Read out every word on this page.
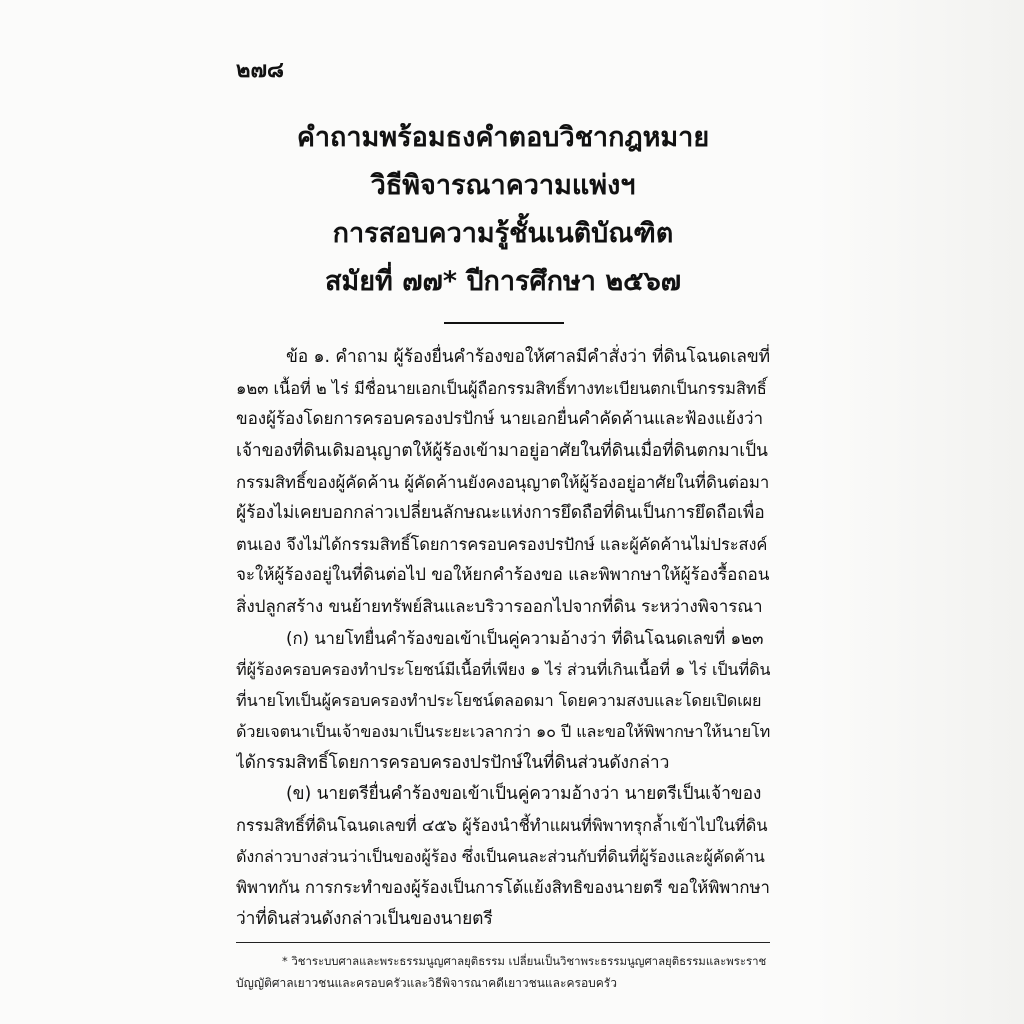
๒๗๘
คำถามพร้อมธงคำตอบวิชากฎหมาย
วิธีพิจารณาความแพ่งฯ
การสอบความรู้ชั้นเนติบัณฑิต
สมัยที่ ๗๗* ปีการศึกษา ๒๕๖๗

ข้อ ๑. คำถาม ผู้ร้องยื่นคำร้องขอให้ศาลมีคำสั่งว่า ที่ดินโฉนดเลขที่
๑๒๓ เนื้อที่ ๒ ไร่ มีชื่อนายเอกเป็นผู้ถือกรรมสิทธิ์ทางทะเบียนตกเป็นกรรมสิทธิ์
ของผู้ร้องโดยการครอบครองปรปักษ์ นายเอกยื่นคำคัดค้านและฟ้องแย้งว่า
เจ้าของที่ดินเดิมอนุญาตให้ผู้ร้องเข้ามาอยู่อาศัยในที่ดินเมื่อที่ดินตกมาเป็น
กรรมสิทธิ์ของผู้คัดค้าน ผู้คัดค้านยังคงอนุญาตให้ผู้ร้องอยู่อาศัยในที่ดินต่อมา
ผู้ร้องไม่เคยบอกกล่าวเปลี่ยนลักษณะแห่งการยึดถือที่ดินเป็นการยึดถือเพื่อ
ตนเอง จึงไม่ได้กรรมสิทธิ์โดยการครอบครองปรปักษ์ และผู้คัดค้านไม่ประสงค์
จะให้ผู้ร้องอยู่ในที่ดินต่อไป ขอให้ยกคำร้องขอ และพิพากษาให้ผู้ร้องรื้อถอน
สิ่งปลูกสร้าง ขนย้ายทรัพย์สินและบริวารออกไปจากที่ดิน ระหว่างพิจารณา

(ก) นายโทยื่นคำร้องขอเข้าเป็นคู่ความอ้างว่า ที่ดินโฉนดเลขที่ ๑๒๓
ที่ผู้ร้องครอบครองทำประโยชน์มีเนื้อที่เพียง ๑ ไร่ ส่วนที่เกินเนื้อที่ ๑ ไร่ เป็นที่ดิน
ที่นายโทเป็นผู้ครอบครองทำประโยชน์ตลอดมา โดยความสงบและโดยเปิดเผย
ด้วยเจตนาเป็นเจ้าของมาเป็นระยะเวลากว่า ๑๐ ปี และขอให้พิพากษาให้นายโท
ได้กรรมสิทธิ์โดยการครอบครองปรปักษ์ในที่ดินส่วนดังกล่าว

(ข) นายตรียื่นคำร้องขอเข้าเป็นคู่ความอ้างว่า นายตรีเป็นเจ้าของ
กรรมสิทธิ์ที่ดินโฉนดเลขที่ ๔๕๖ ผู้ร้องนำชี้ทำแผนที่พิพาทรุกล้ำเข้าไปในที่ดิน
ดังกล่าวบางส่วนว่าเป็นของผู้ร้อง ซึ่งเป็นคนละส่วนกับที่ดินที่ผู้ร้องและผู้คัดค้าน
พิพาทกัน การกระทำของผู้ร้องเป็นการโต้แย้งสิทธิของนายตรี ขอให้พิพากษา
ว่าที่ดินส่วนดังกล่าวเป็นของนายตรี

* วิชาระบบศาลและพระธรรมนูญศาลยุติธรรม เปลี่ยนเป็นวิชาพระธรรมนูญศาลยุติธรรมและพระราช
บัญญัติศาลเยาวชนและครอบครัวและวิธีพิจารณาคดีเยาวชนและครอบครัว
